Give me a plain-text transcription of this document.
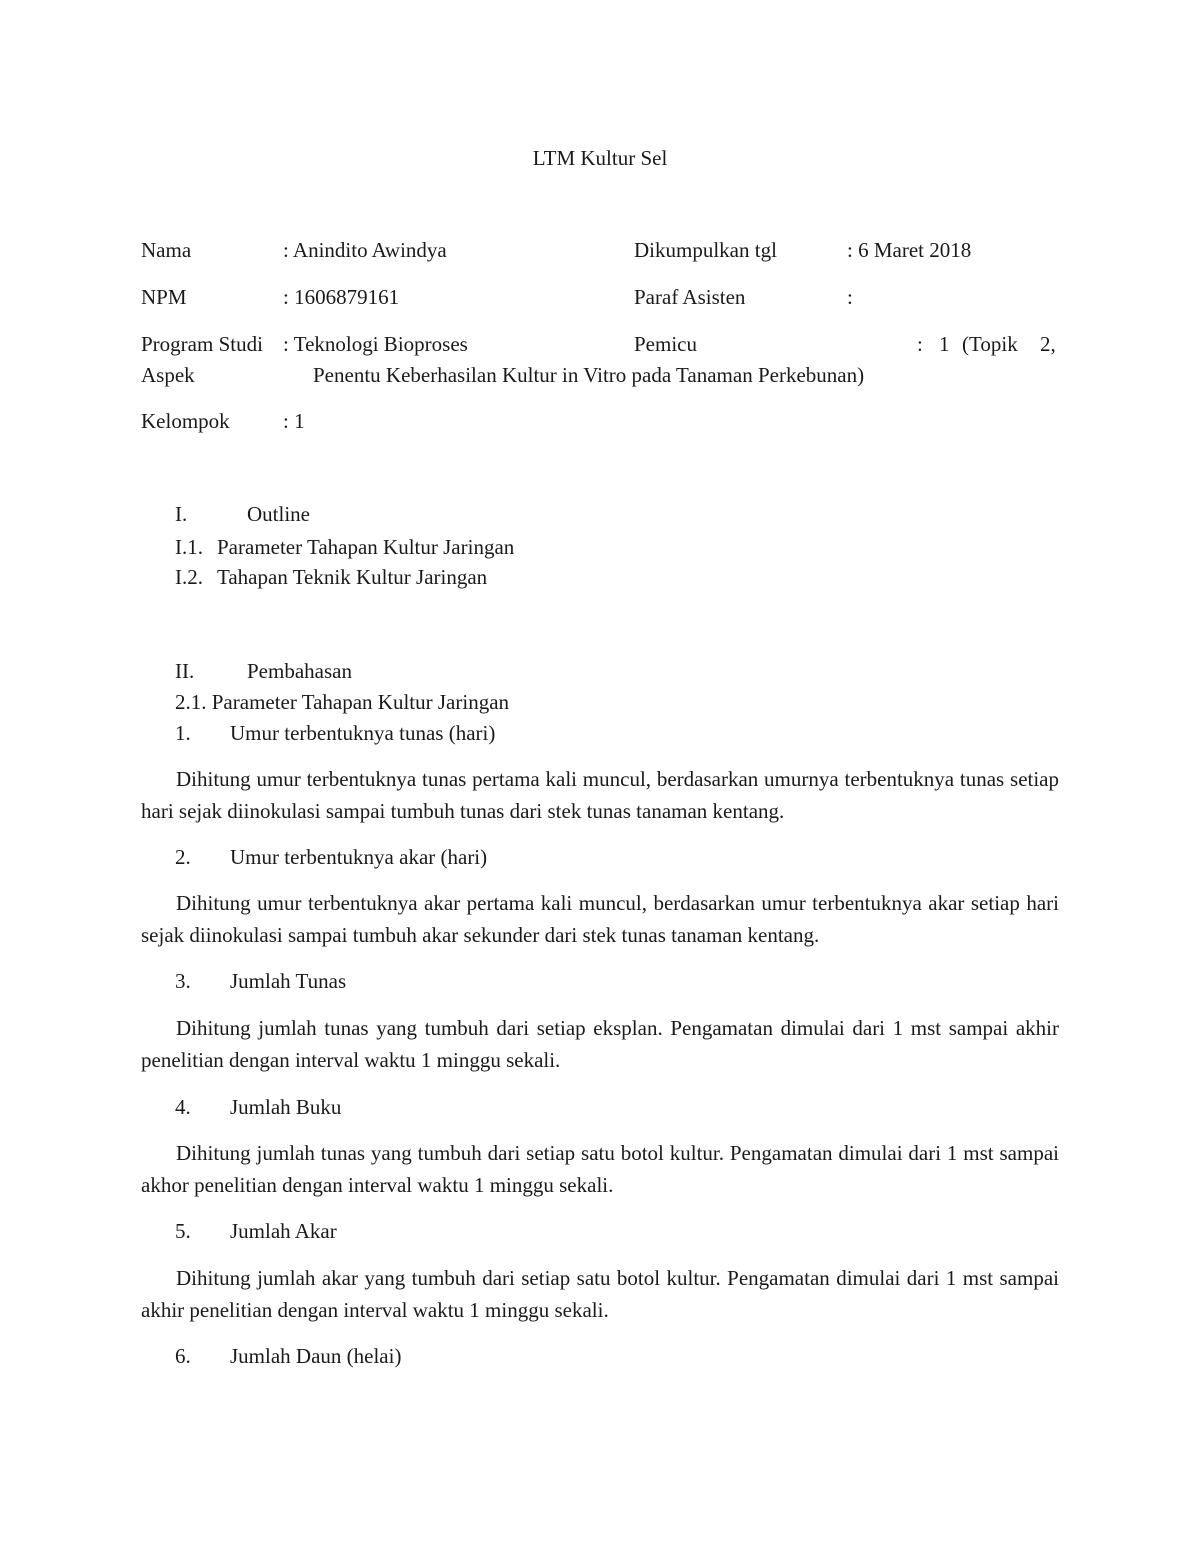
LTM Kultur Sel
Nama	: Anindito Awindya	Dikumpulkan tgl	: 6 Maret 2018
NPM	: 1606879161	Paraf Asisten	:
Program Studi : Teknologi Bioproses	Pemicu	: 1 (Topik 2,
Aspek	Penentu Keberhasilan Kultur in Vitro pada Tanaman Perkebunan)
Kelompok	: 1
I.	Outline
I.1. Parameter Tahapan Kultur Jaringan
I.2. Tahapan Teknik Kultur Jaringan
II.	Pembahasan
2.1. Parameter Tahapan Kultur Jaringan
1. Umur terbentuknya tunas (hari)
Dihitung umur terbentuknya tunas pertama kali muncul, berdasarkan umurnya terbentuknya tunas setiap hari sejak diinokulasi sampai tumbuh tunas dari stek tunas tanaman kentang.
2. Umur terbentuknya akar (hari)
Dihitung umur terbentuknya akar pertama kali muncul, berdasarkan umur terbentuknya akar setiap hari sejak diinokulasi sampai tumbuh akar sekunder dari stek tunas tanaman kentang.
3. Jumlah Tunas
Dihitung jumlah tunas yang tumbuh dari setiap eksplan. Pengamatan dimulai dari 1 mst sampai akhir penelitian dengan interval waktu 1 minggu sekali.
4. Jumlah Buku
Dihitung jumlah tunas yang tumbuh dari setiap satu botol kultur. Pengamatan dimulai dari 1 mst sampai akhor penelitian dengan interval waktu 1 minggu sekali.
5. Jumlah Akar
Dihitung jumlah akar yang tumbuh dari setiap satu botol kultur. Pengamatan dimulai dari 1 mst sampai akhir penelitian dengan interval waktu 1 minggu sekali.
6. Jumlah Daun (helai)
